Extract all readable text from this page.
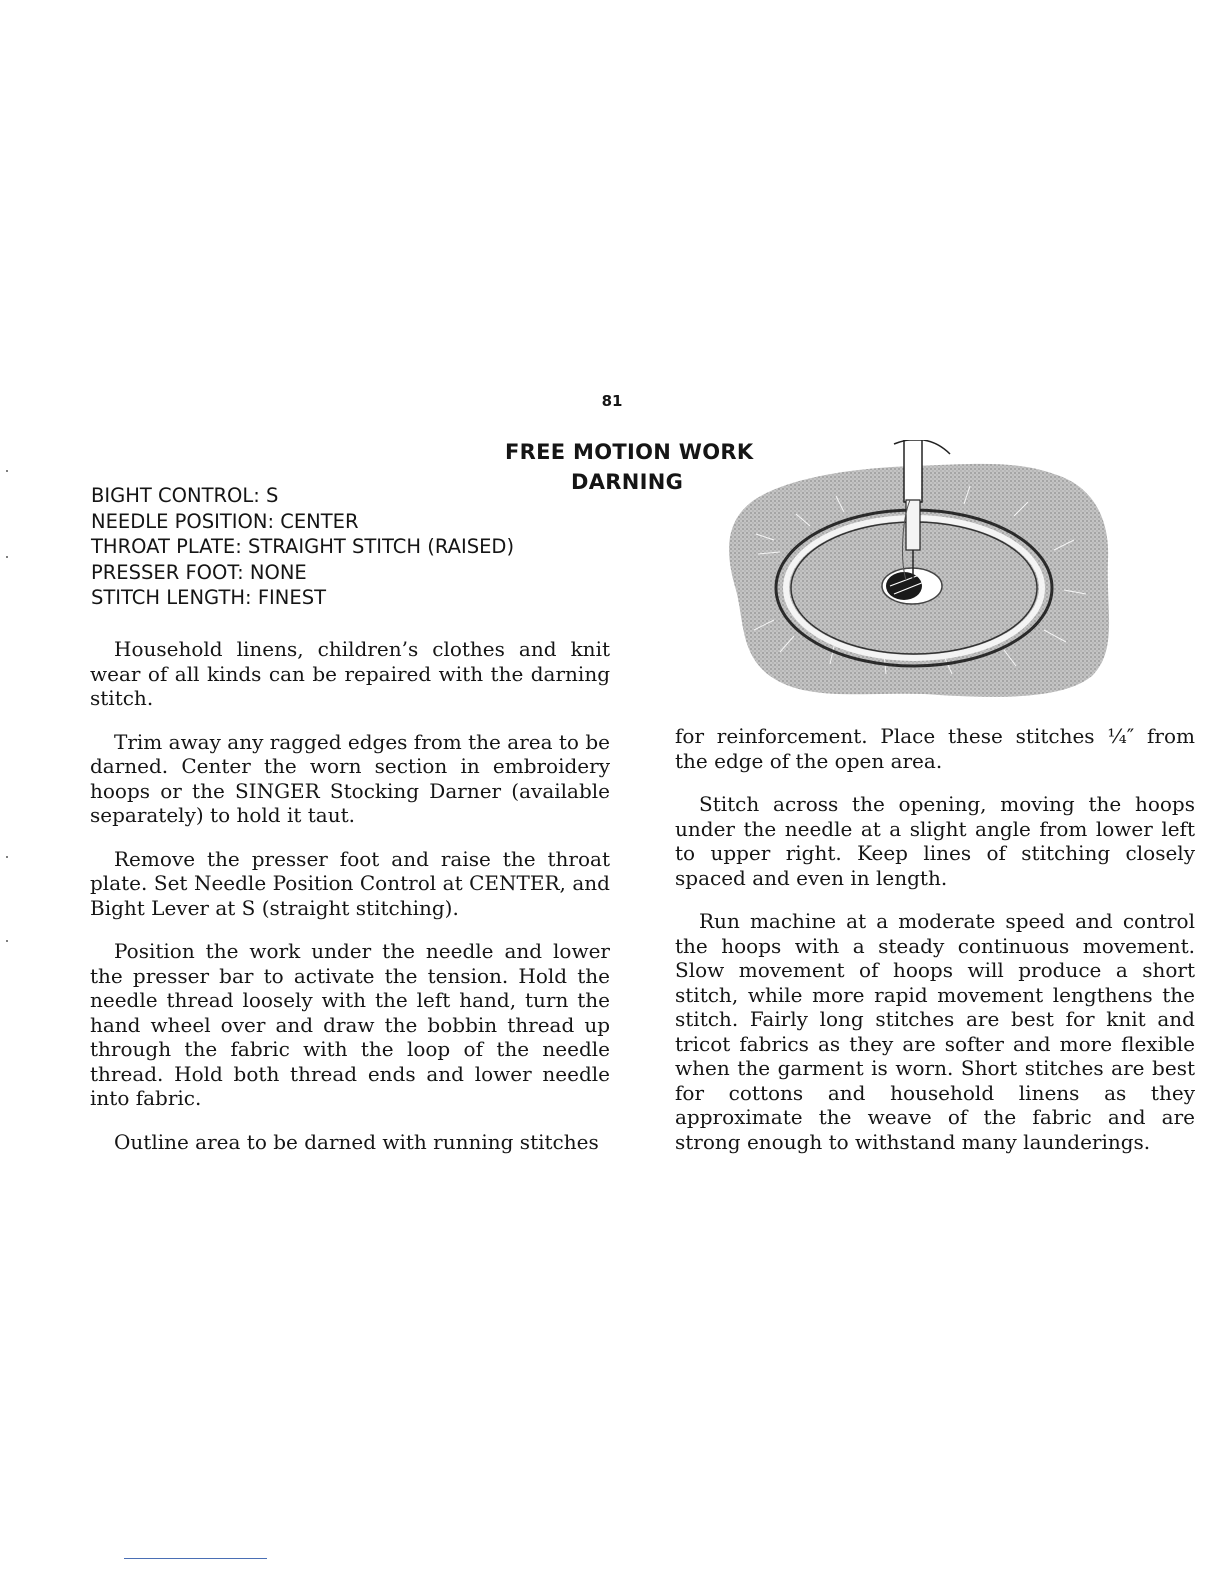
81
FREE MOTION WORK
DARNING
BIGHT CONTROL: S
NEEDLE POSITION: CENTER
THROAT PLATE: STRAIGHT STITCH (RAISED)
PRESSER FOOT: NONE
STITCH LENGTH: FINEST

Household linens, children’s clothes and knit wear of all kinds can be repaired with the darning stitch.

Trim away any ragged edges from the area to be darned. Center the worn section in embroidery hoops or the SINGER Stocking Darner (available separately) to hold it taut.

Remove the presser foot and raise the throat plate. Set Needle Position Control at CENTER, and Bight Lever at S (straight stitching).

Position the work under the needle and lower the presser bar to activate the tension. Hold the needle thread loosely with the left hand, turn the hand wheel over and draw the bobbin thread up through the fabric with the loop of the needle thread. Hold both thread ends and lower needle into fabric.

Outline area to be darned with running stitches

for reinforcement. Place these stitches ¼″ from the edge of the open area.

Stitch across the opening, moving the hoops under the needle at a slight angle from lower left to upper right. Keep lines of stitching closely spaced and even in length.

Run machine at a moderate speed and control the hoops with a steady continuous movement. Slow movement of hoops will produce a short stitch, while more rapid movement lengthens the stitch. Fairly long stitches are best for knit and tricot fabrics as they are softer and more flexible when the garment is worn. Short stitches are best for cottons and household linens as they approximate the weave of the fabric and are strong enough to withstand many launderings.
